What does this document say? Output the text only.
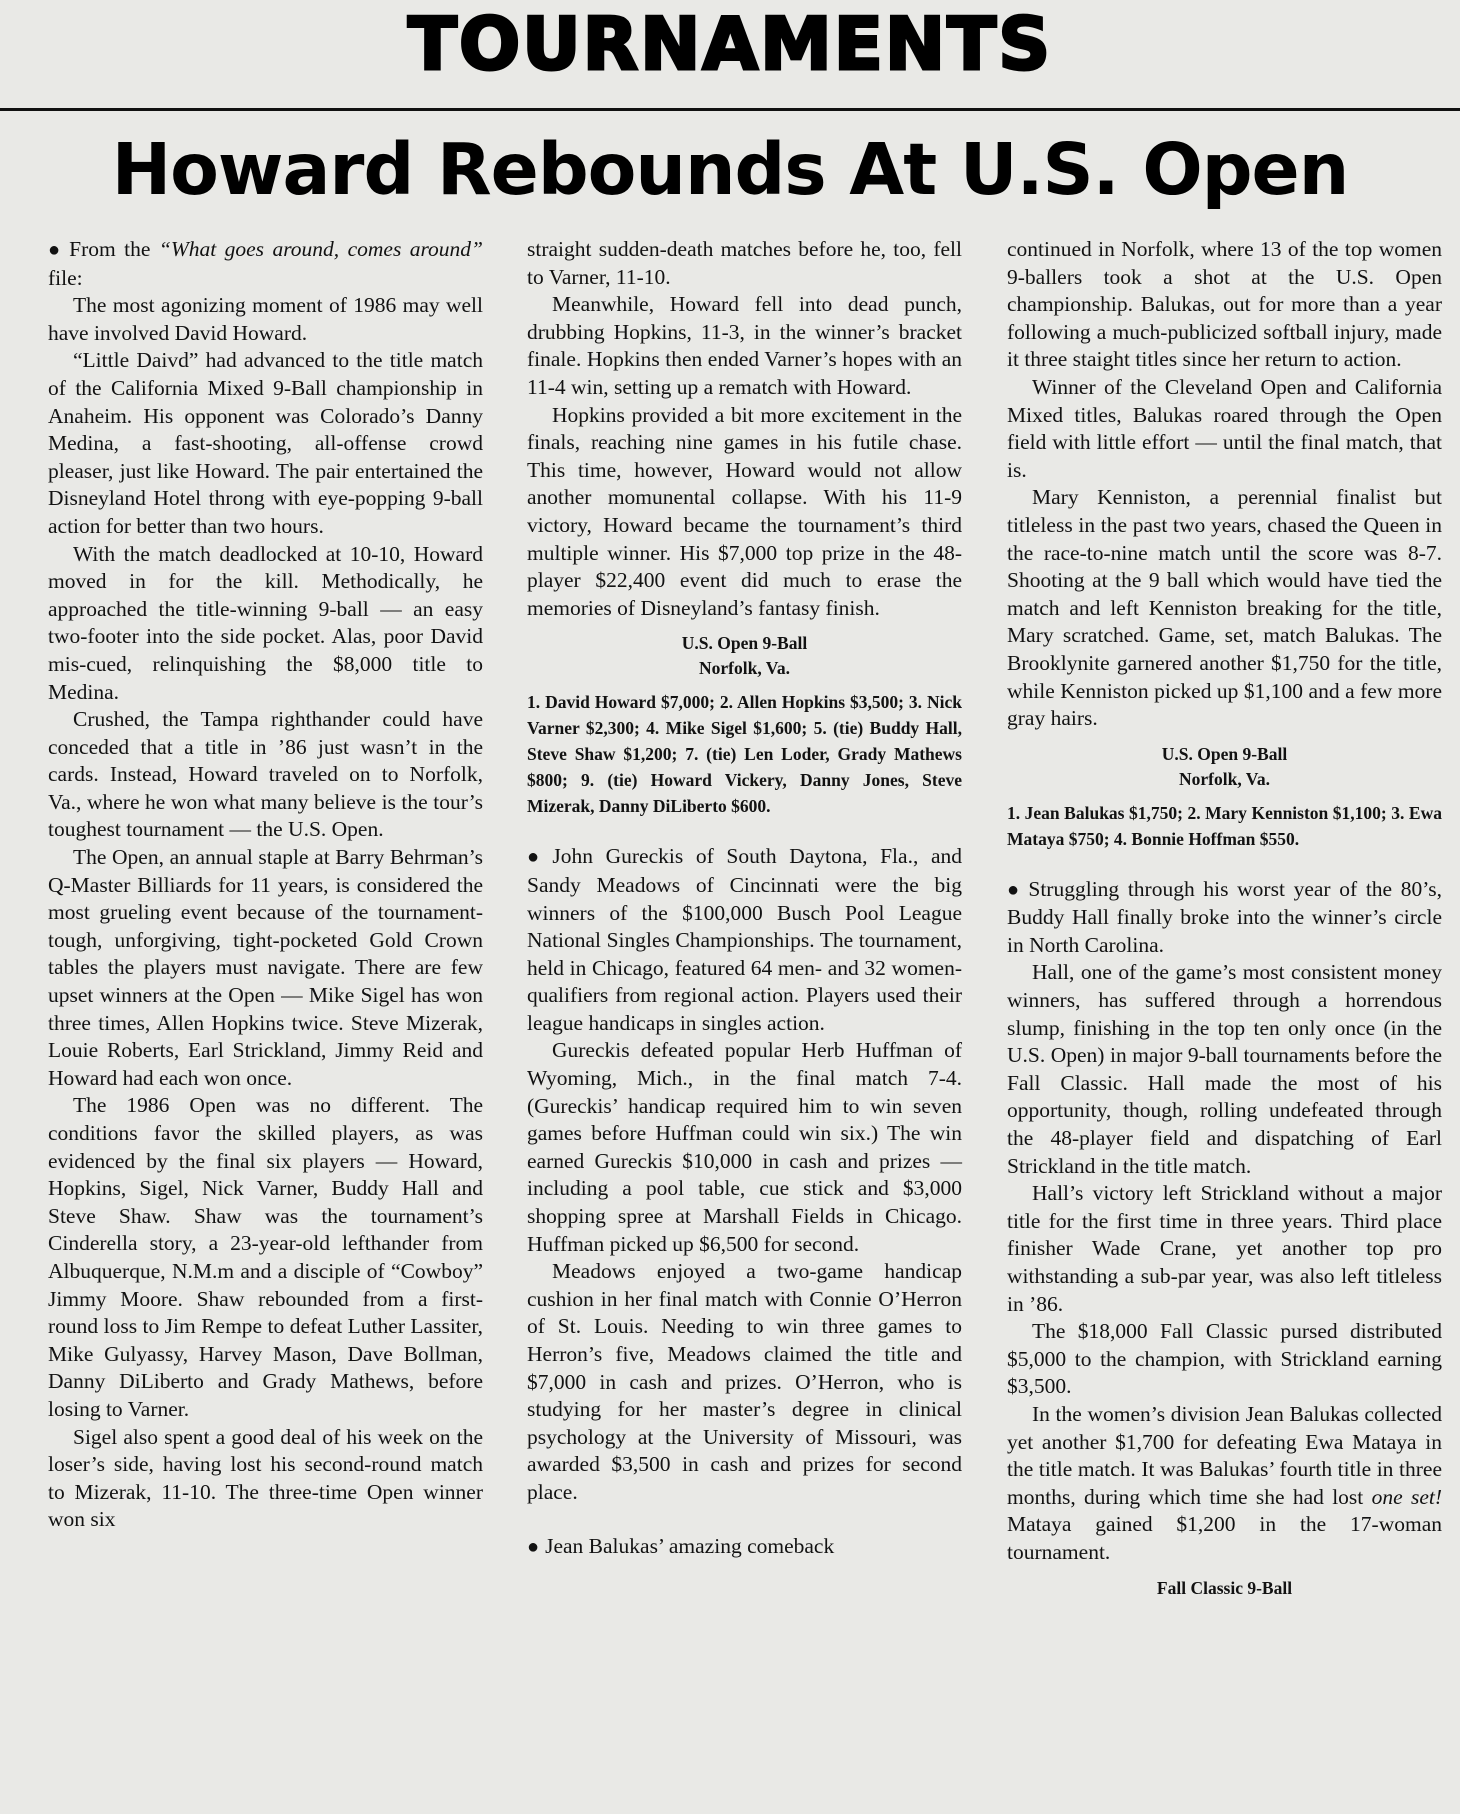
TOURNAMENTS
Howard Rebounds At U.S. Open

● From the “What goes around, comes around” file:

The most agonizing moment of 1986 may well have involved David Howard.

“Little Daivd” had advanced to the title match of the California Mixed 9-Ball championship in Anaheim. His opponent was Colorado’s Danny Medina, a fast-shooting, all-offense crowd pleaser, just like Howard. The pair entertained the Disneyland Hotel throng with eye-popping 9-ball action for better than two hours.

With the match deadlocked at 10-10, Howard moved in for the kill. Methodically, he approached the title-winning 9-ball — an easy two-footer into the side pocket. Alas, poor David mis-cued, relinquishing the $8,000 title to Medina.

Crushed, the Tampa righthander could have conceded that a title in ’86 just wasn’t in the cards. Instead, Howard traveled on to Norfolk, Va., where he won what many believe is the tour’s toughest tournament — the U.S. Open.

The Open, an annual staple at Barry Behrman’s Q-Master Billiards for 11 years, is considered the most grueling event because of the tournament-tough, unforgiving, tight-pocketed Gold Crown tables the players must navigate. There are few upset winners at the Open — Mike Sigel has won three times, Allen Hopkins twice. Steve Mizerak, Louie Roberts, Earl Strickland, Jimmy Reid and Howard had each won once.

The 1986 Open was no different. The conditions favor the skilled players, as was evidenced by the final six players — Howard, Hopkins, Sigel, Nick Varner, Buddy Hall and Steve Shaw. Shaw was the tournament’s Cinderella story, a 23-year-old lefthander from Albuquerque, N.M.m and a disciple of “Cowboy” Jimmy Moore. Shaw rebounded from a first-round loss to Jim Rempe to defeat Luther Lassiter, Mike Gulyassy, Harvey Mason, Dave Bollman, Danny DiLiberto and Grady Mathews, before losing to Varner.

Sigel also spent a good deal of his week on the loser’s side, having lost his second-round match to Mizerak, 11-10. The three-time Open winner won six

straight sudden-death matches before he, too, fell to Varner, 11-10.

Meanwhile, Howard fell into dead punch, drubbing Hopkins, 11-3, in the winner’s bracket finale. Hopkins then ended Varner’s hopes with an 11-4 win, setting up a rematch with Howard.

Hopkins provided a bit more excitement in the finals, reaching nine games in his futile chase. This time, however, Howard would not allow another momunental collapse. With his 11-9 victory, Howard became the tournament’s third multiple winner. His $7,000 top prize in the 48-player $22,400 event did much to erase the memories of Disneyland’s fantasy finish.

U.S. Open 9-Ball
Norfolk, Va.
1. David Howard $7,000; 2. Allen Hopkins $3,500; 3. Nick Varner $2,300; 4. Mike Sigel $1,600; 5. (tie) Buddy Hall, Steve Shaw $1,200; 7. (tie) Len Loder, Grady Mathews $800; 9. (tie) Howard Vickery, Danny Jones, Steve Mizerak, Danny DiLiberto $600.

● John Gureckis of South Daytona, Fla., and Sandy Meadows of Cincinnati were the big winners of the $100,000 Busch Pool League National Singles Championships. The tournament, held in Chicago, featured 64 men- and 32 women-qualifiers from regional action. Players used their league handicaps in singles action.

Gureckis defeated popular Herb Huffman of Wyoming, Mich., in the final match 7-4. (Gureckis’ handicap required him to win seven games before Huffman could win six.) The win earned Gureckis $10,000 in cash and prizes — including a pool table, cue stick and $3,000 shopping spree at Marshall Fields in Chicago. Huffman picked up $6,500 for second.

Meadows enjoyed a two-game handicap cushion in her final match with Connie O’Herron of St. Louis. Needing to win three games to Herron’s five, Meadows claimed the title and $7,000 in cash and prizes. O’Herron, who is studying for her master’s degree in clinical psychology at the University of Missouri, was awarded $3,500 in cash and prizes for second place.

● Jean Balukas’ amazing comeback

continued in Norfolk, where 13 of the top women 9-ballers took a shot at the U.S. Open championship. Balukas, out for more than a year following a much-publicized softball injury, made it three staight titles since her return to action.

Winner of the Cleveland Open and California Mixed titles, Balukas roared through the Open field with little effort — until the final match, that is.

Mary Kenniston, a perennial finalist but titleless in the past two years, chased the Queen in the race-to-nine match until the score was 8-7. Shooting at the 9 ball which would have tied the match and left Kenniston breaking for the title, Mary scratched. Game, set, match Balukas. The Brooklynite garnered another $1,750 for the title, while Kenniston picked up $1,100 and a few more gray hairs.

U.S. Open 9-Ball
Norfolk, Va.
1. Jean Balukas $1,750; 2. Mary Kenniston $1,100; 3. Ewa Mataya $750; 4. Bonnie Hoffman $550.

● Struggling through his worst year of the 80’s, Buddy Hall finally broke into the winner’s circle in North Carolina.

Hall, one of the game’s most consistent money winners, has suffered through a horrendous slump, finishing in the top ten only once (in the U.S. Open) in major 9-ball tournaments before the Fall Classic. Hall made the most of his opportunity, though, rolling undefeated through the 48-player field and dispatching of Earl Strickland in the title match.

Hall’s victory left Strickland without a major title for the first time in three years. Third place finisher Wade Crane, yet another top pro withstanding a sub-par year, was also left titleless in ’86.

The $18,000 Fall Classic pursed distributed $5,000 to the champion, with Strickland earning $3,500.

In the women’s division Jean Balukas collected yet another $1,700 for defeating Ewa Mataya in the title match. It was Balukas’ fourth title in three months, during which time she had lost one set! Mataya gained $1,200 in the 17-woman tournament.

Fall Classic 9-Ball
